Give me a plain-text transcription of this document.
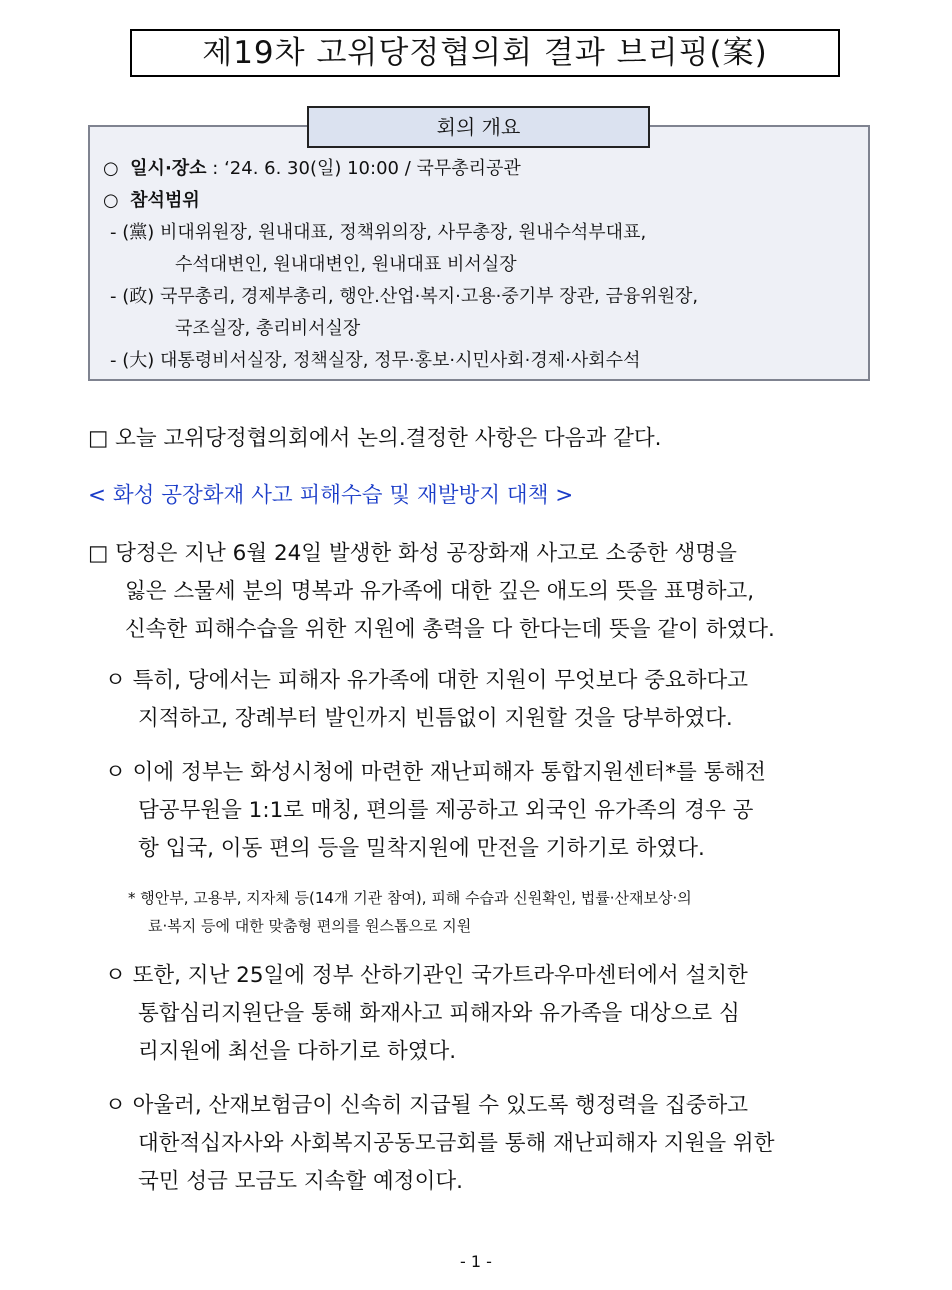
제19차 고위당정협의회 결과 브리핑(案)
회의 개요
○ 일시·장소 : ‘24. 6. 30(일) 10:00 / 국무총리공관
○ 참석범위
- (黨) 비대위원장, 원내대표, 정책위의장, 사무총장, 원내수석부대표,
수석대변인, 원내대변인, 원내대표 비서실장
- (政) 국무총리, 경제부총리, 행안.산업·복지·고용·중기부 장관, 금융위원장,
국조실장, 총리비서실장
- (大) 대통령비서실장, 정책실장, 정무·홍보·시민사회·경제·사회수석
□ 오늘 고위당정협의회에서 논의.결정한 사항은 다음과 같다.
< 화성 공장화재 사고 피해수습 및 재발방지 대책 >
□ 당정은 지난 6월 24일 발생한 화성 공장화재 사고로 소중한 생명을
잃은 스물세 분의 명복과 유가족에 대한 깊은 애도의 뜻을 표명하고,
신속한 피해수습을 위한 지원에 총력을 다 한다는데 뜻을 같이 하였다.
ㅇ 특히, 당에서는 피해자 유가족에 대한 지원이 무엇보다 중요하다고
지적하고, 장례부터 발인까지 빈틈없이 지원할 것을 당부하였다.
ㅇ 이에 정부는 화성시청에 마련한 재난피해자 통합지원센터*를 통해전
담공무원을 1:1로 매칭, 편의를 제공하고 외국인 유가족의 경우 공
항 입국, 이동 편의 등을 밀착지원에 만전을 기하기로 하였다.
* 행안부, 고용부, 지자체 등(14개 기관 참여), 피해 수습과 신원확인, 법률·산재보상·의
료·복지 등에 대한 맞춤형 편의를 원스톱으로 지원
ㅇ 또한, 지난 25일에 정부 산하기관인 국가트라우마센터에서 설치한
통합심리지원단을 통해 화재사고 피해자와 유가족을 대상으로 심
리지원에 최선을 다하기로 하였다.
ㅇ 아울러, 산재보험금이 신속히 지급될 수 있도록 행정력을 집중하고
대한적십자사와 사회복지공동모금회를 통해 재난피해자 지원을 위한
국민 성금 모금도 지속할 예정이다.
- 1 -
